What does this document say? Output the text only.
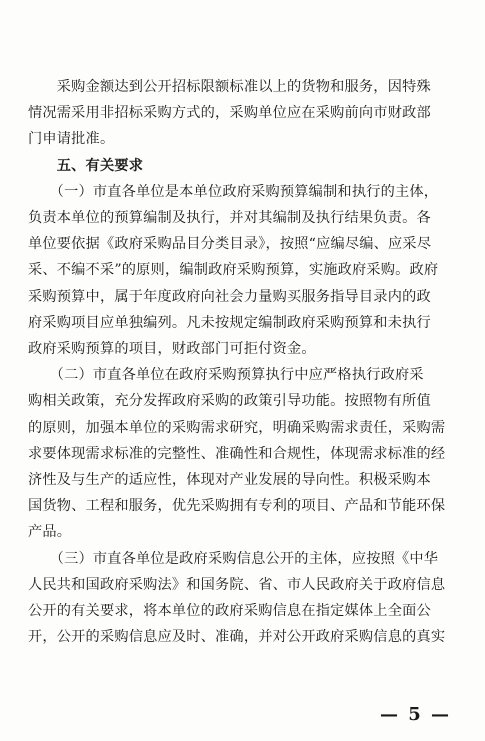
　　采购金额达到公开招标限额标准以上的货物和服务，因特殊
情况需采用非招标采购方式的，采购单位应在采购前向市财政部
门申请批准。
　　五、有关要求
　　（一）市直各单位是本单位政府采购预算编制和执行的主体，
负责本单位的预算编制及执行，并对其编制及执行结果负责。各
单位要依据《政府采购品目分类目录》，按照“应编尽编、应采尽
采、不编不采”的原则，编制政府采购预算，实施政府采购。政府
采购预算中，属于年度政府向社会力量购买服务指导目录内的政
府采购项目应单独编列。凡未按规定编制政府采购预算和未执行
政府采购预算的项目，财政部门可拒付资金。
　　（二）市直各单位在政府采购预算执行中应严格执行政府采
购相关政策，充分发挥政府采购的政策引导功能。按照物有所值
的原则，加强本单位的采购需求研究，明确采购需求责任，采购需
求要体现需求标准的完整性、准确性和合规性，体现需求标准的经
济性及与生产的适应性，体现对产业发展的导向性。积极采购本
国货物、工程和服务，优先采购拥有专利的项目、产品和节能环保
产品。
　　（三）市直各单位是政府采购信息公开的主体，应按照《中华
人民共和国政府采购法》和国务院、省、市人民政府关于政府信息
公开的有关要求，将本单位的政府采购信息在指定媒体上全面公
开，公开的采购信息应及时、准确，并对公开政府采购信息的真实
— 5 —
